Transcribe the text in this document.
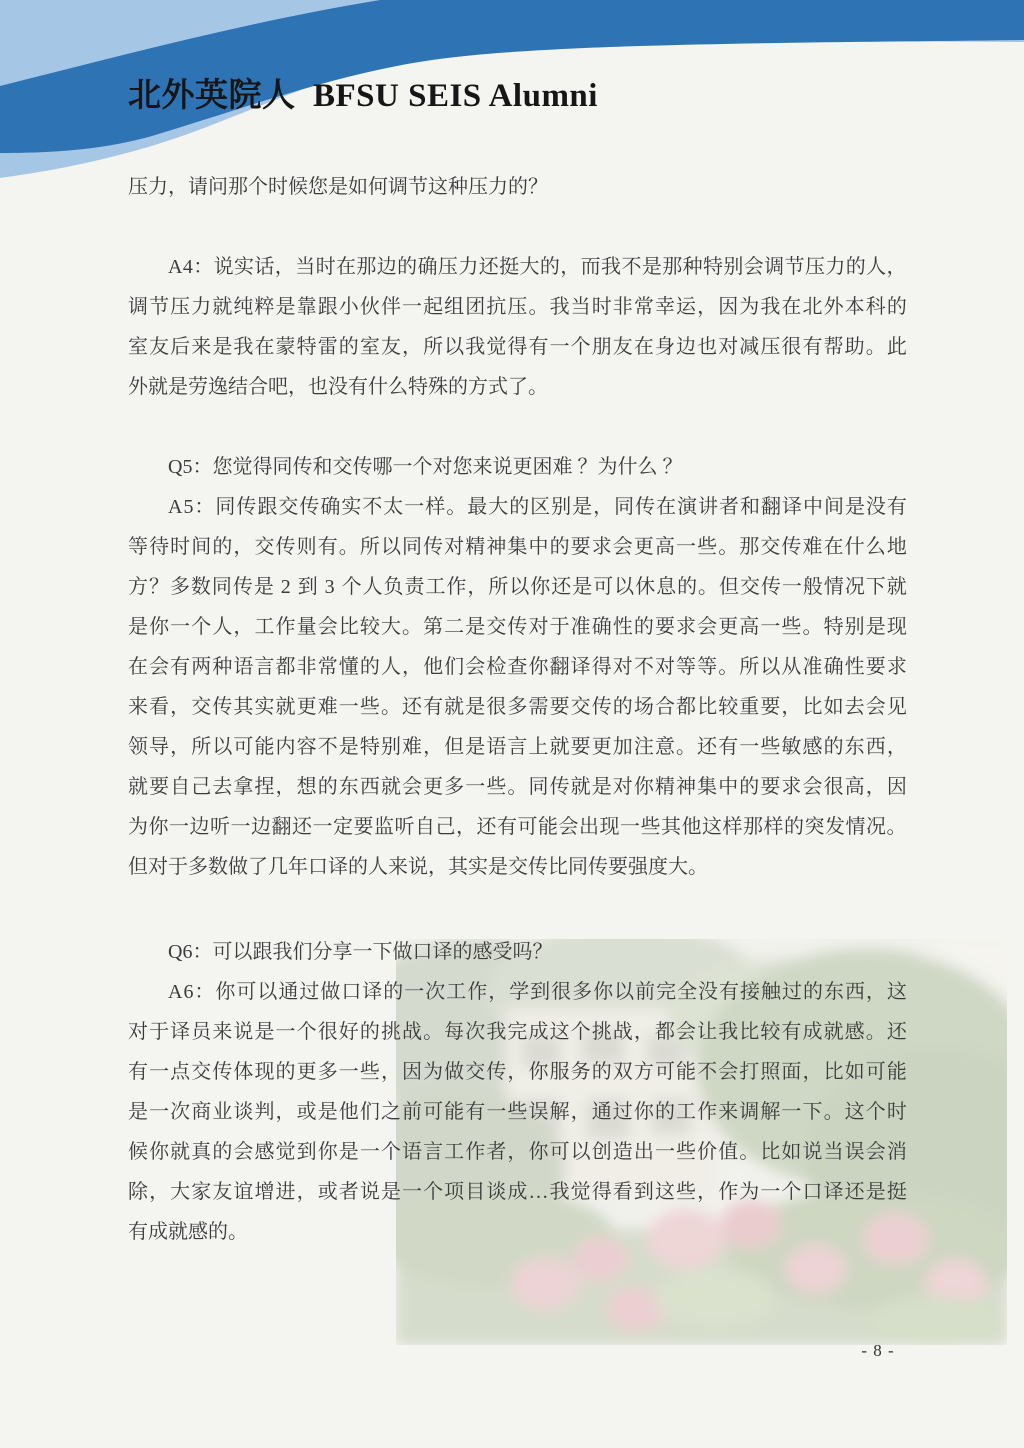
北外英院人  BFSU SEIS Alumni
压力，请问那个时候您是如何调节这种压力的？
A 4 ： 说 实 话 ， 当 时 在 那 边 的 确 压 力 还 挺 大 的 ， 而 我 不 是 那 种 特 别 会 调 节 压 力 的 人 ，
调 节 压 力 就 纯 粹 是 靠 跟 小 伙 伴 一 起 组 团 抗 压 。 我 当 时 非 常 幸 运 ， 因 为 我 在 北 外 本 科 的
室 友 后 来 是 我 在 蒙 特 雷 的 室 友 ， 所 以 我 觉 得 有 一 个 朋 友 在 身 边 也 对 减 压 很 有 帮 助 。 此
外就是劳逸结合吧，也没有什么特殊的方式了。
Q5：您觉得同传和交传哪一个对您来说更困难 ？为什么 ？
A 5 ： 同 传 跟 交 传 确 实 不 太 一 样 。 最 大 的 区 别 是 ， 同 传 在 演 讲 者 和 翻 译 中 间 是 没 有
等 待 时 间 的 ， 交 传 则 有 。 所 以 同 传 对 精 神 集 中 的 要 求 会 更 高 一 些 。 那 交 传 难 在 什 么 地
方 ？ 多 数 同 传 是
2
到
3
个 人 负 责 工 作 ， 所 以 你 还 是 可 以 休 息 的 。 但 交 传 一 般 情 况 下 就
是 你 一 个 人 ， 工 作 量 会 比 较 大 。 第 二 是 交 传 对 于 准 确 性 的 要 求 会 更 高 一 些 。 特 别 是 现
在 会 有 两 种 语 言 都 非 常 懂 的 人 ， 他 们 会 检 查 你 翻 译 得 对 不 对 等 等 。 所 以 从 准 确 性 要 求
来 看 ， 交 传 其 实 就 更 难 一 些 。 还 有 就 是 很 多 需 要 交 传 的 场 合 都 比 较 重 要 ， 比 如 去 会 见
领 导 ， 所 以 可 能 内 容 不 是 特 别 难 ， 但 是 语 言 上 就 要 更 加 注 意 。 还 有 一 些 敏 感 的 东 西 ，
就 要 自 己 去 拿 捏 ， 想 的 东 西 就 会 更 多 一 些 。 同 传 就 是 对 你 精 神 集 中 的 要 求 会 很 高 ， 因
为 你 一 边 听 一 边 翻 还 一 定 要 监 听 自 己 ， 还 有 可 能 会 出 现 一 些 其 他 这 样 那 样 的 突 发 情 况 。
但对于多数做了几年口译的人来说，其实是交传比同传要强度大。
Q6：可以跟我们分享一下做口译的感受吗？
A 6 ： 你 可 以 通 过 做 口 译 的 一 次 工 作 ， 学 到 很 多 你 以 前 完 全 没 有 接 触 过 的 东 西 ， 这
对 于 译 员 来 说 是 一 个 很 好 的 挑 战 。 每 次 我 完 成 这 个 挑 战 ， 都 会 让 我 比 较 有 成 就 感 。 还
有 一 点 交 传 体 现 的 更 多 一 些 ， 因 为 做 交 传 ， 你 服 务 的 双 方 可 能 不 会 打 照 面 ， 比 如 可 能
是 一 次 商 业 谈 判 ， 或 是 他 们 之 前 可 能 有 一 些 误 解 ， 通 过 你 的 工 作 来 调 解 一 下 。 这 个 时
候 你 就 真 的 会 感 觉 到 你 是 一 个 语 言 工 作 者 ， 你 可 以 创 造 出 一 些 价 值 。 比 如 说 当 误 会 消
除 ， 大 家 友 谊 增 进 ， 或 者 说 是 一 个 项 目 谈 成 … 我 觉 得 看 到 这 些 ， 作 为 一 个 口 译 还 是 挺
有成就感的。
- 8 -
